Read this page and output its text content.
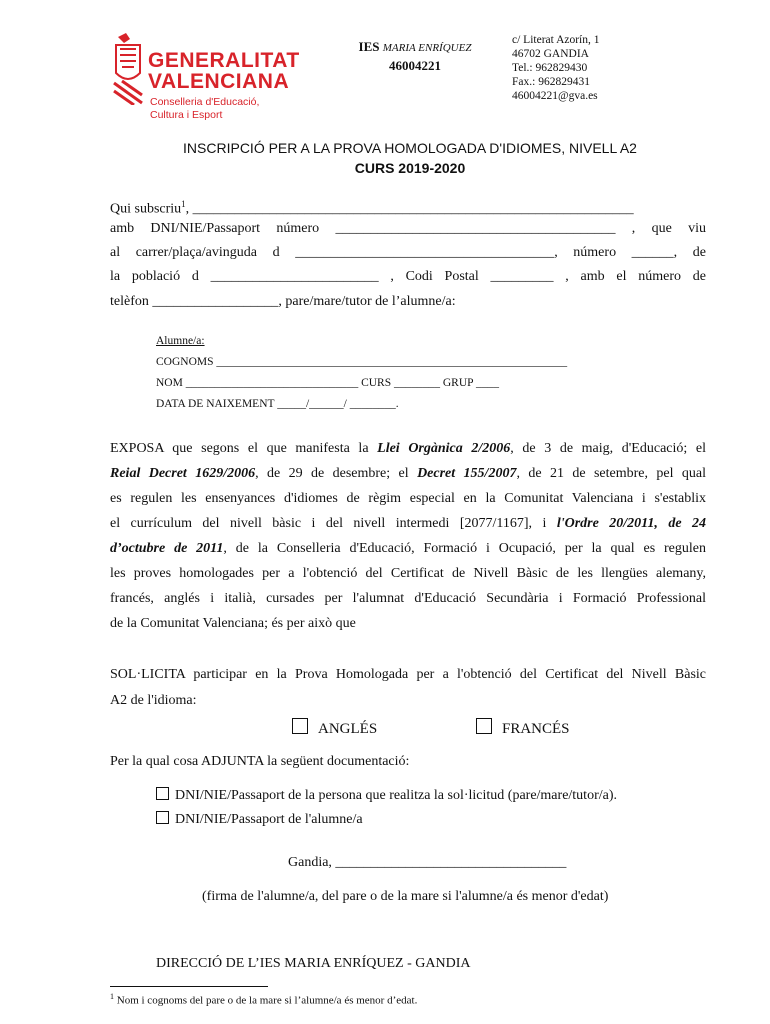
GENERALITAT
VALENCIANA
Conselleria d'Educació,
Cultura i Esport
IES MARIA ENRÍQUEZ
46004221
c/ Literat Azorín, 1
46702 GANDIA
Tel.: 962829430
Fax.: 962829431
46004221@gva.es
INSCRIPCIÓ PER A LA PROVA HOMOLOGADA D'IDIOMES, NIVELL A2
CURS 2019-2020
Qui subscriu$^1$, _______________________________________________________________
amb DNI/NIE/Passaport número ________________________________________ , que viu
al carrer/plaça/avinguda d _____________________________________, número ______, de
la població d ________________________ , Codi Postal _________ , amb el número de
telèfon __________________, pare/mare/tutor de l’alumne/a:
Alumne/a:
COGNOMS _____________________________________________________________
NOM ______________________________ CURS ________ GRUP ____
DATA DE NAIXEMENT _____/______/ ________.
EXPOSA que segons el que manifesta la Llei Orgànica 2/2006, de 3 de maig, d'Educació; el
Reial Decret 1629/2006, de 29 de desembre; el Decret 155/2007, de 21 de setembre, pel qual
es regulen les ensenyances d'idiomes de règim especial en la Comunitat Valenciana i s'establix
el currículum del nivell bàsic i del nivell intermedi [2077/1167], i l'Ordre 20/2011, de 24
d’octubre de 2011, de la Conselleria d'Educació, Formació i Ocupació, per la qual es regulen
les proves homologades per a l'obtenció del Certificat de Nivell Bàsic de les llengües alemany,
francés, anglés i italià, cursades per l'alumnat d'Educació Secundària i Formació Professional
de la Comunitat Valenciana; és per això que
SOL·LICITA participar en la Prova Homologada per a l'obtenció del Certificat del Nivell Bàsic
A2 de l'idioma:
ANGLÉS	FRANCÉS
Per la qual cosa ADJUNTA la següent documentació:
DNI/NIE/Passaport de la persona que realitza la sol·licitud (pare/mare/tutor/a).
DNI/NIE/Passaport de l'alumne/a
Gandia, _________________________________
(firma de l'alumne/a, del pare o de la mare si l'alumne/a és menor d'edat)
DIRECCIÓ DE L’IES MARIA ENRÍQUEZ - GANDIA
$^1$ Nom i cognoms del pare o de la mare si l’alumne/a és menor d’edat.
